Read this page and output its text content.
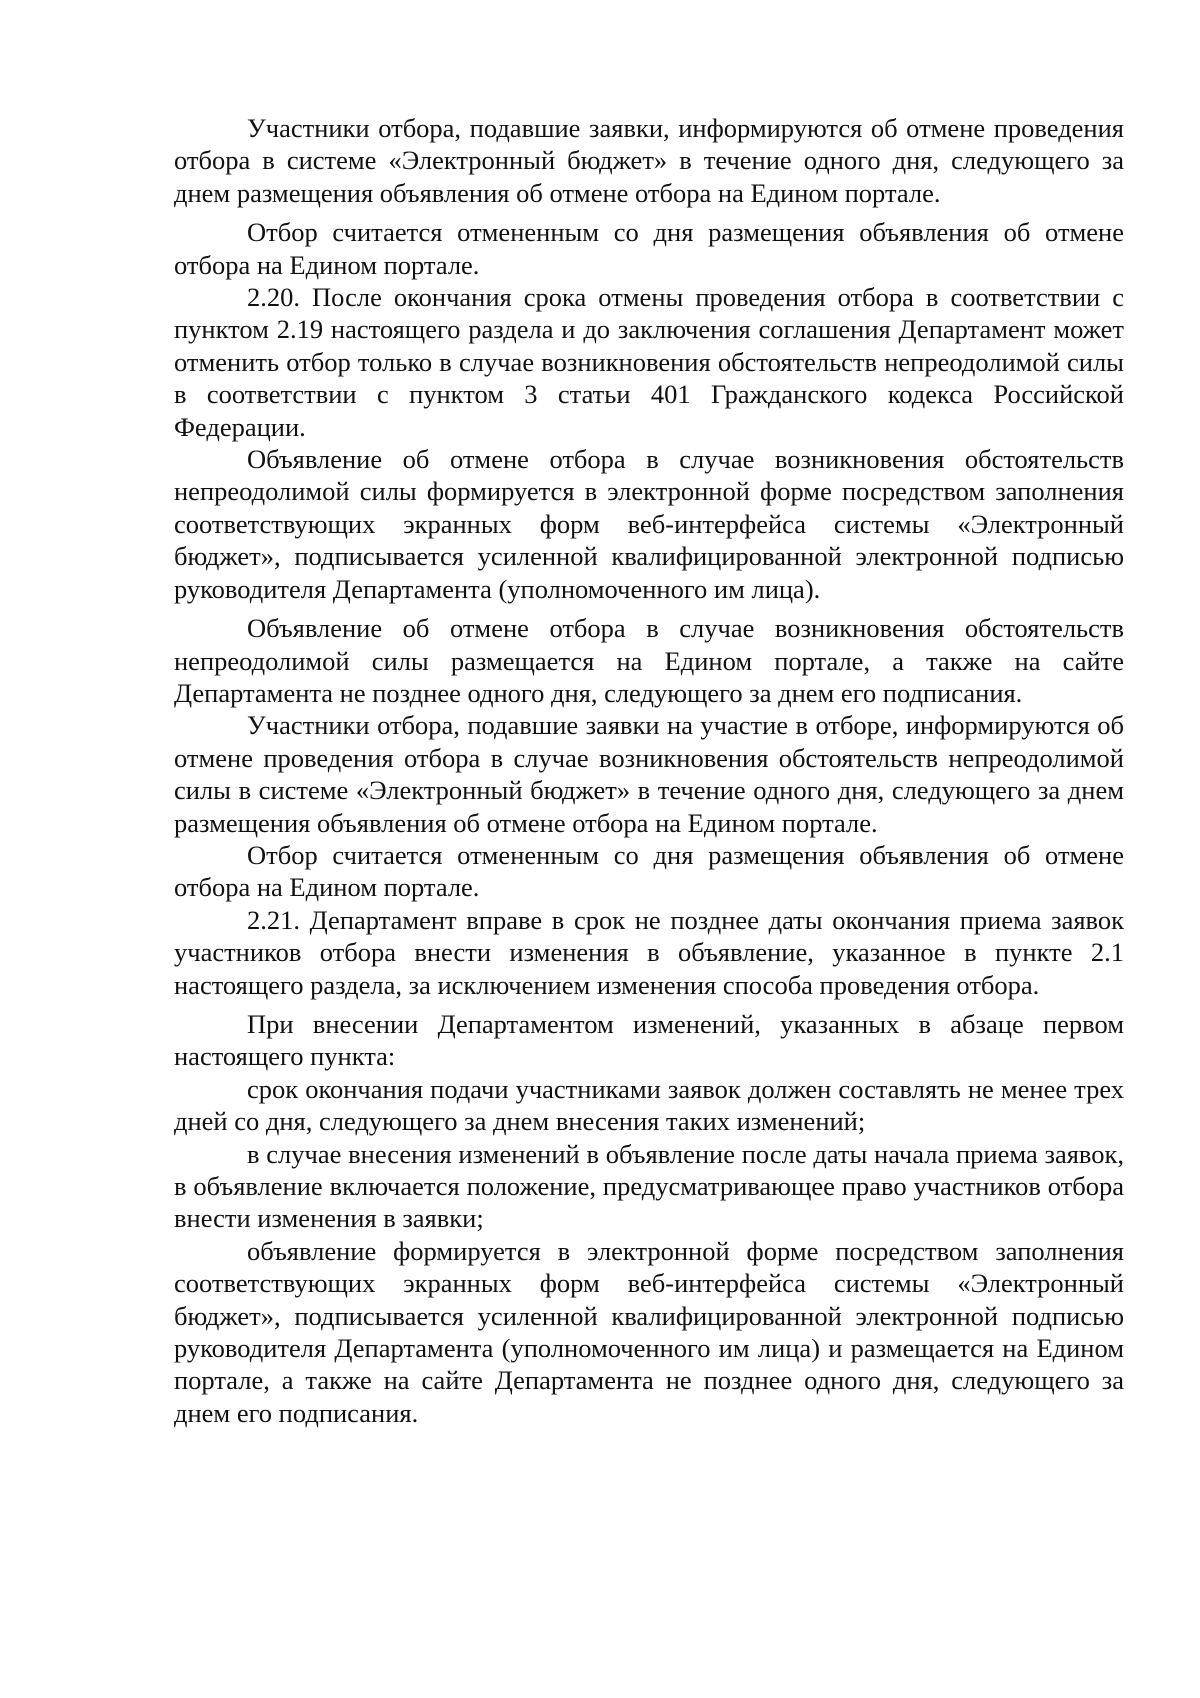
Участники отбора, подавшие заявки, информируются об отмене проведения отбора в системе «Электронный бюджет» в течение одного дня, следующего за днем размещения объявления об отмене отбора на Едином портале.

Отбор считается отмененным со дня размещения объявления об отмене отбора на Едином портале.

2.20. После окончания срока отмены проведения отбора в соответствии с пунктом 2.19 настоящего раздела и до заключения соглашения Департамент может отменить отбор только в случае возникновения обстоятельств непреодолимой силы в соответствии с пунктом 3 статьи 401 Гражданского кодекса Российской Федерации.

Объявление об отмене отбора в случае возникновения обстоятельств непреодолимой силы формируется в электронной форме посредством заполнения соответствующих экранных форм веб-интерфейса системы «Электронный бюджет», подписывается усиленной квалифицированной электронной подписью руководителя Департамента (уполномоченного им лица).

Объявление об отмене отбора в случае возникновения обстоятельств непреодолимой силы размещается на Едином портале, а также на сайте Департамента не позднее одного дня, следующего за днем его подписания.

Участники отбора, подавшие заявки на участие в отборе, информируются об отмене проведения отбора в случае возникновения обстоятельств непреодолимой силы в системе «Электронный бюджет» в течение одного дня, следующего за днем размещения объявления об отмене отбора на Едином портале.

Отбор считается отмененным со дня размещения объявления об отмене отбора на Едином портале.

2.21. Департамент вправе в срок не позднее даты окончания приема заявок участников отбора внести изменения в объявление, указанное в пункте 2.1 настоящего раздела, за исключением изменения способа проведения отбора.

При внесении Департаментом изменений, указанных в абзаце первом настоящего пункта:

срок окончания подачи участниками заявок должен составлять не менее трех дней со дня, следующего за днем внесения таких изменений;

в случае внесения изменений в объявление после даты начала приема заявок, в объявление включается положение, предусматривающее право участников отбора внести изменения в заявки;

объявление формируется в электронной форме посредством заполнения соответствующих экранных форм веб-интерфейса системы «Электронный бюджет», подписывается усиленной квалифицированной электронной подписью руководителя Департамента (уполномоченного им лица) и размещается на Едином портале, а также на сайте Департамента не позднее одного дня, следующего за днем его подписания.
